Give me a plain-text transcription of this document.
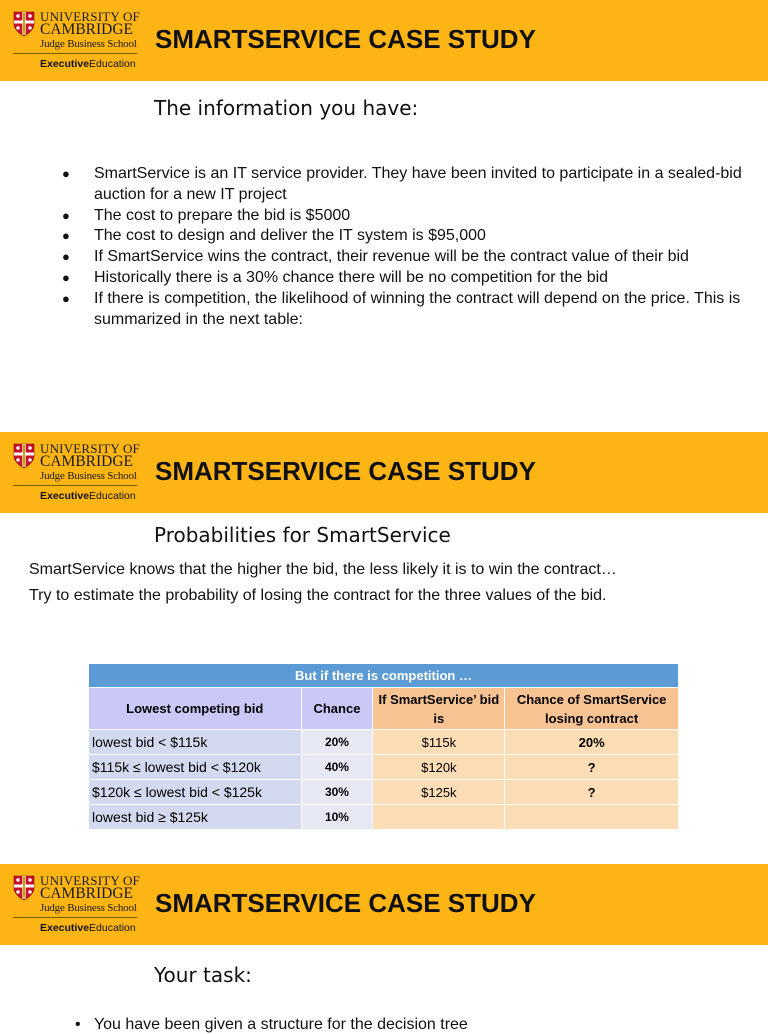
UNIVERSITY OF
CAMBRIDGE
Judge Business School
ExecutiveEducation
SMARTSERVICE CASE STUDY
The information you have:
● SmartService is an IT service provider. They have been invited to participate in a sealed-bid auction for a new IT project
● The cost to prepare the bid is $5000
● The cost to design and deliver the IT system is $95,000
● If SmartService wins the contract, their revenue will be the contract value of their bid
● Historically there is a 30% chance there will be no competition for the bid
● If there is competition, the likelihood of winning the contract will depend on the price. This is summarized in the next table:
UNIVERSITY OF
CAMBRIDGE
Judge Business School
ExecutiveEducation
SMARTSERVICE CASE STUDY
Probabilities for SmartService
SmartService knows that the higher the bid, the less likely it is to win the contract…
Try to estimate the probability of losing the contract for the three values of the bid.
But if there is competition …			
Lowest competing bid	Chance	If SmartService’ bid is	Chance of SmartService losing contract
lowest bid < $115k	20%	$115k	20%
$115k ≤ lowest bid < $120k	40%	$120k	?
$120k ≤ lowest bid < $125k	30%	$125k	?
lowest bid ≥ $125k	10%		
UNIVERSITY OF
CAMBRIDGE
Judge Business School
ExecutiveEducation
SMARTSERVICE CASE STUDY
Your task:
•   You have been given a structure for the decision tree
